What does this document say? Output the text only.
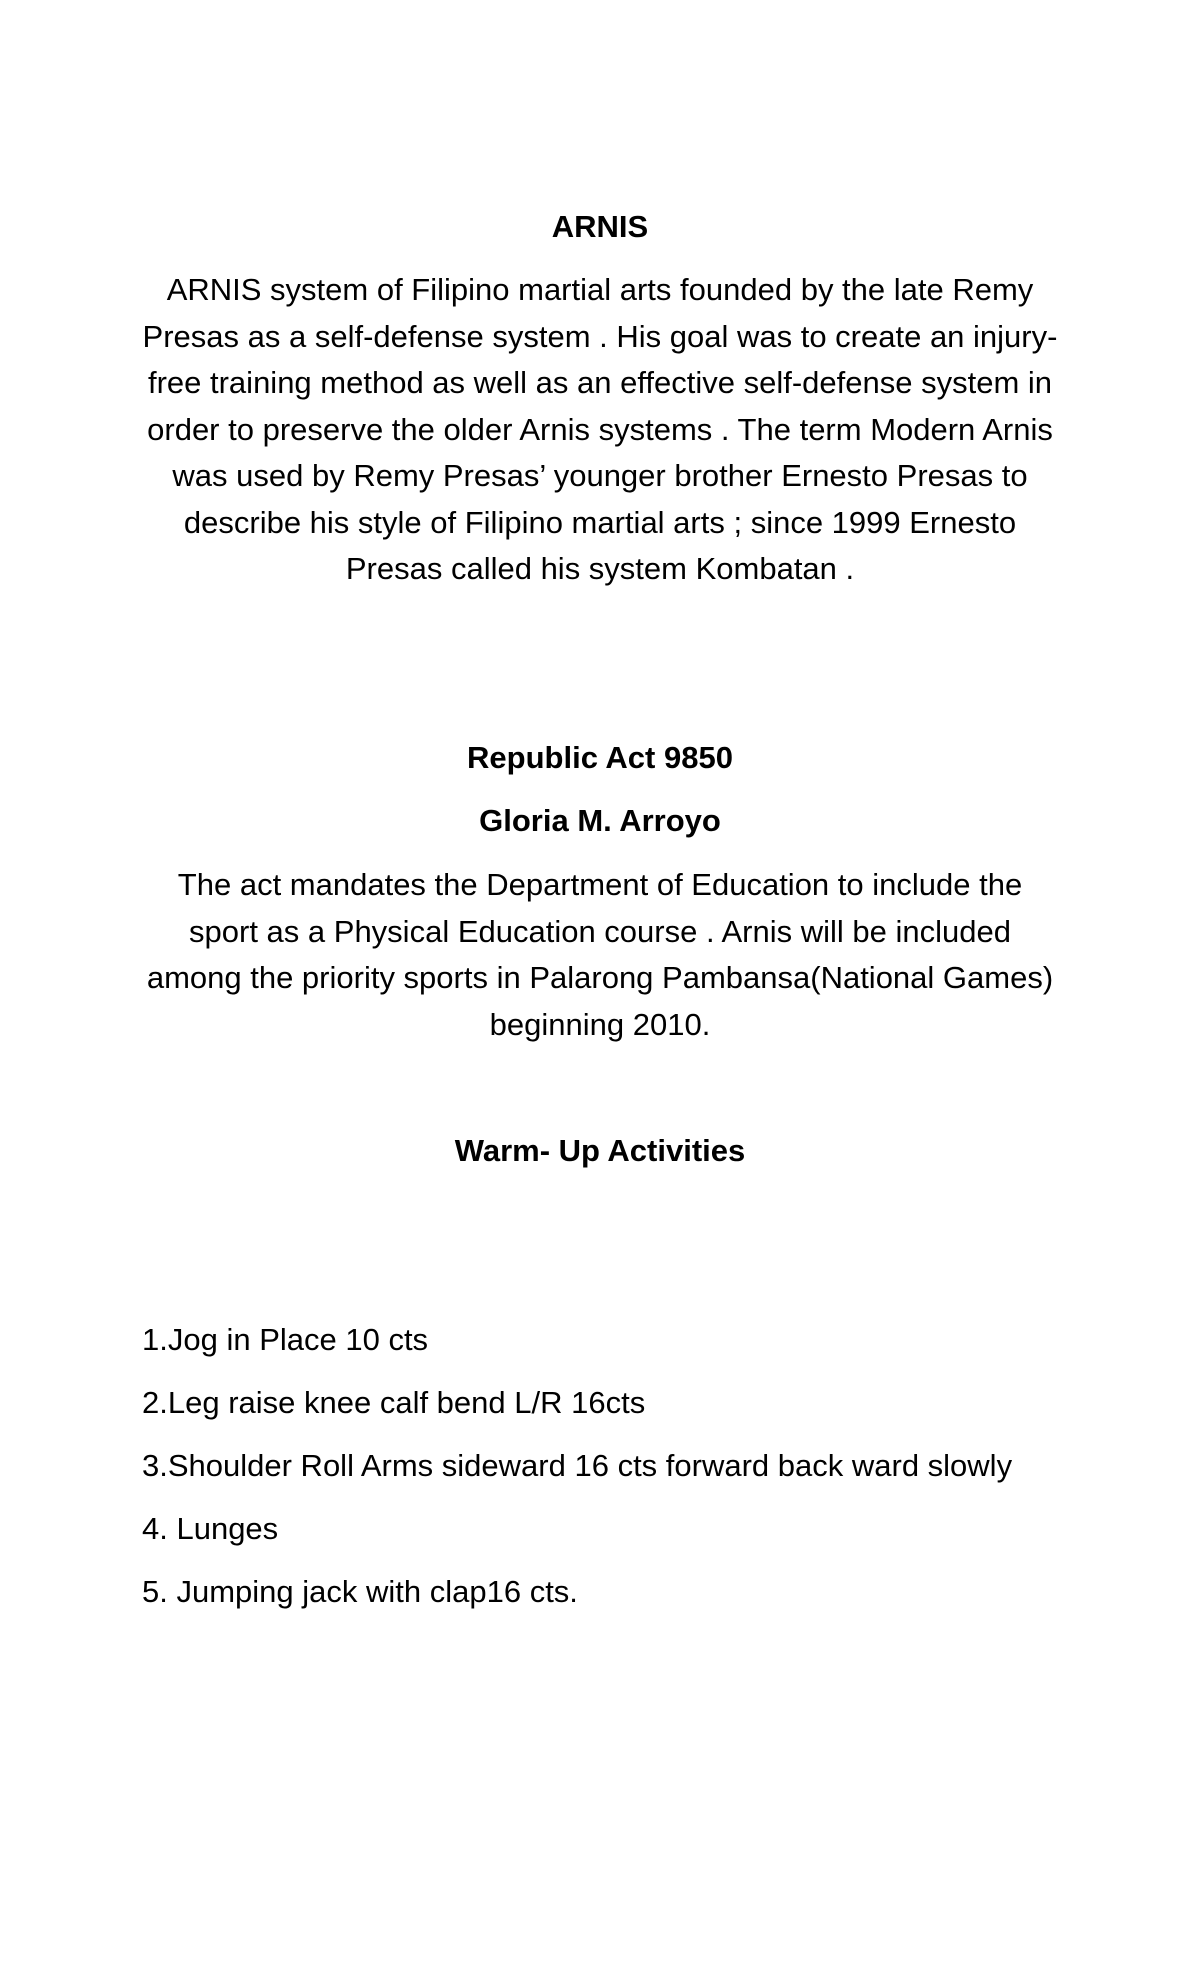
ARNIS
ARNIS system of Filipino martial arts founded by the late Remy Presas as a self-defense system . His goal was to create an injury-free training method as well as an effective self-defense system in order to preserve the older Arnis systems . The term Modern Arnis was used by Remy Presas’ younger brother Ernesto Presas to describe his style of Filipino martial arts ; since 1999 Ernesto Presas called his system Kombatan .
Republic Act 9850
Gloria M. Arroyo
The act mandates the Department of Education to include the sport as a Physical Education course . Arnis will be included among the priority sports in Palarong Pambansa(National Games) beginning 2010.
Warm- Up Activities
1.Jog in Place 10 cts
2.Leg raise knee calf bend L/R 16cts
3.Shoulder Roll Arms sideward 16 cts forward back ward slowly
4. Lunges
5. Jumping jack with clap16 cts.
